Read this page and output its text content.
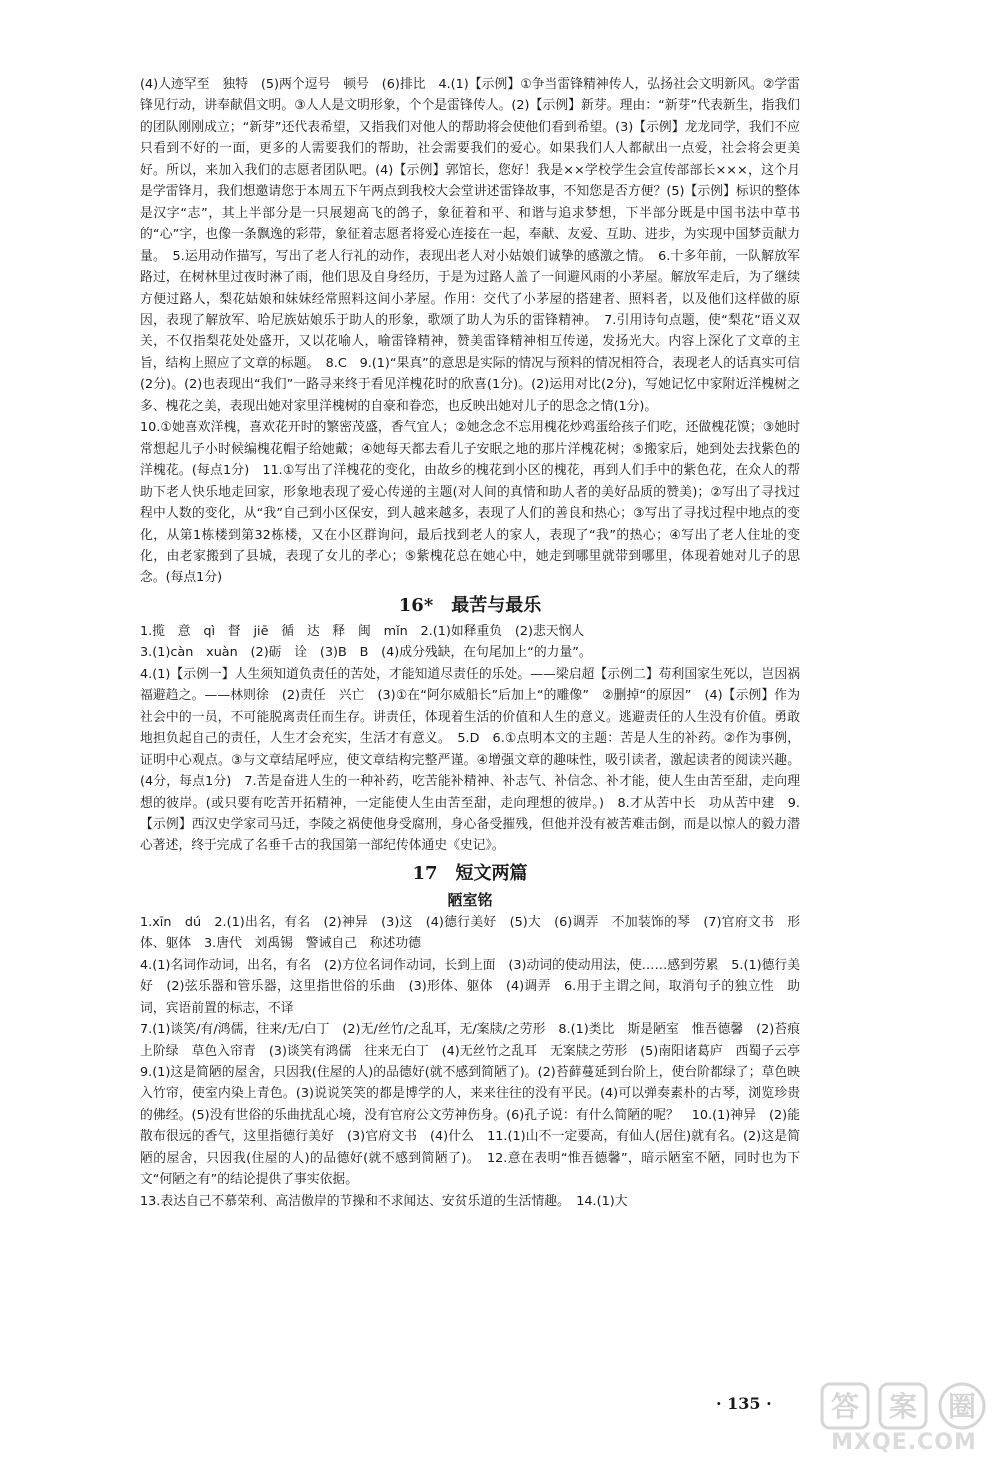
(4)人迹罕至　独特　(5)两个逗号　顿号　(6)排比　4.(1)【示例】①争当雷锋精神传人，弘扬社会文明新风。②学雷锋见行动，讲奉献倡文明。③人人是文明形象，个个是雷锋传人。(2)【示例】新芽。理由：“新芽”代表新生，指我们的团队刚刚成立；“新芽”还代表希望，又指我们对他人的帮助将会使他们看到希望。(3)【示例】龙龙同学，我们不应只看到不好的一面，更多的人需要我们的帮助，社会需要我们的爱心。如果我们人人都献出一点爱，社会将会更美好。所以，来加入我们的志愿者团队吧。(4)【示例】郭馆长，您好！我是××学校学生会宣传部部长×××，这个月是学雷锋月，我们想邀请您于本周五下午两点到我校大会堂讲述雷锋故事，不知您是否方便？(5)【示例】标识的整体是汉字“志”，其上半部分是一只展翅高飞的鸽子，象征着和平、和谐与追求梦想，下半部分既是中国书法中草书的“心”字，也像一条飘逸的彩带，象征着志愿者将爱心连接在一起，奉献、友爱、互助、进步，为实现中国梦贡献力量。　5.运用动作描写，写出了老人行礼的动作，表现出老人对小姑娘们诚挚的感激之情。　6.十多年前，一队解放军路过，在树林里过夜时淋了雨，他们思及自身经历，于是为过路人盖了一间避风雨的小茅屋。解放军走后，为了继续方便过路人，梨花姑娘和妹妹经常照料这间小茅屋。作用：交代了小茅屋的搭建者、照料者，以及他们这样做的原因，表现了解放军、哈尼族姑娘乐于助人的形象，歌颂了助人为乐的雷锋精神。　7.引用诗句点题，使“梨花”语义双关，不仅指梨花处处盛开，又以花喻人，喻雷锋精神，赞美雷锋精神相互传递，发扬光大。内容上深化了文章的主旨，结构上照应了文章的标题。　8.C　9.(1)“果真”的意思是实际的情况与预料的情况相符合，表现老人的话真实可信(2分)。(2)也表现出“我们”一路寻来终于看见洋槐花时的欣喜(1分)。(2)运用对比(2分)，写她记忆中家附近洋槐树之多、槐花之美，表现出她对家里洋槐树的自豪和眷恋，也反映出她对儿子的思念之情(1分)。

10.①她喜欢洋槐，喜欢花开时的繁密茂盛，香气宜人；②她念念不忘用槐花炒鸡蛋给孩子们吃，还做槐花馍；③她时常想起儿子小时候编槐花帽子给她戴；④她每天都去看儿子安眠之地的那片洋槐花树；⑤搬家后，她到处去找紫色的洋槐花。(每点1分)　11.①写出了洋槐花的变化，由故乡的槐花到小区的槐花，再到人们手中的紫色花，在众人的帮助下老人快乐地走回家，形象地表现了爱心传递的主题(对人间的真情和助人者的美好品质的赞美)；②写出了寻找过程中人数的变化，从“我”自己到小区保安，到人越来越多，表现了人们的善良和热心；③写出了寻找过程中地点的变化，从第1栋楼到第32栋楼，又在小区群询问，最后找到老人的家人，表现了“我”的热心；④写出了老人住址的变化，由老家搬到了县城，表现了女儿的孝心；⑤紫槐花总在她心中，她走到哪里就带到哪里，体现着她对儿子的思念。(每点1分)

16*　最苦与最乐

1.揽　意　qì　督　jiē　循　达　释　闽　mǐn　2.(1)如释重负　(2)悲天悯人

3.(1)càn　xuàn　(2)砺　诠　(3)B　B　(4)成分残缺，在句尾加上“的力量”。

4.(1)【示例一】人生须知道负责任的苦处，才能知道尽责任的乐处。——梁启超【示例二】苟利国家生死以，岂因祸福避趋之。——林则徐　(2)责任　兴亡　(3)①在“阿尔威船长”后加上“的雕像”　②删掉“的原因”　(4)【示例】作为社会中的一员，不可能脱离责任而生存。讲责任，体现着生活的价值和人生的意义。逃避责任的人生没有价值。勇敢地担负起自己的责任，人生才会充实，生活才有意义。　5.D　6.①点明本文的主题：苦是人生的补药。②作为事例，证明中心观点。③与文章结尾呼应，使文章结构完整严谨。④增强文章的趣味性，吸引读者，激起读者的阅读兴趣。(4分，每点1分)　7.苦是奋进人生的一种补药，吃苦能补精神、补志气、补信念、补才能，使人生由苦至甜，走向理想的彼岸。(或只要有吃苦开拓精神，一定能使人生由苦至甜，走向理想的彼岸。)　8.才从苦中长　功从苦中建　9.【示例】西汉史学家司马迁，李陵之祸使他身受腐刑，身心备受摧残，但他并没有被苦难击倒，而是以惊人的毅力潜心著述，终于完成了名垂千古的我国第一部纪传体通史《史记》。

17　短文两篇
陋室铭

1.xīn　dú　2.(1)出名，有名　(2)神异　(3)这　(4)德行美好　(5)大　(6)调弄　不加装饰的琴　(7)官府文书　形体、躯体　3.唐代　刘禹锡　警诫自己　称述功德

4.(1)名词作动词，出名，有名　(2)方位名词作动词，长到上面　(3)动词的使动用法，使……感到劳累　5.(1)德行美好　(2)弦乐器和管乐器，这里指世俗的乐曲　(3)形体、躯体　(4)调弄　6.用于主谓之间，取消句子的独立性　助词，宾语前置的标志，不译

7.(1)谈笑/有/鸿儒，往来/无/白丁　(2)无/丝竹/之乱耳，无/案牍/之劳形　8.(1)类比　斯是陋室　惟吾德馨　(2)苔痕上阶绿　草色入帘青　(3)谈笑有鸿儒　往来无白丁　(4)无丝竹之乱耳　无案牍之劳形　(5)南阳诸葛庐　西蜀子云亭　9.(1)这是简陋的屋舍，只因我(住屋的人)的品德好(就不感到简陋了)。(2)苔藓蔓延到台阶上，使台阶都绿了；草色映入竹帘，使室内染上青色。(3)说说笑笑的都是博学的人，来来往往的没有平民。(4)可以弹奏素朴的古琴，浏览珍贵的佛经。(5)没有世俗的乐曲扰乱心境，没有官府公文劳神伤身。(6)孔子说：有什么简陋的呢？　10.(1)神异　(2)能散布很远的香气，这里指德行美好　(3)官府文书　(4)什么　11.(1)山不一定要高，有仙人(居住)就有名。(2)这是简陋的屋舍，只因我(住屋的人)的品德好(就不感到简陋了)。　12.意在表明“惟吾德馨”，暗示陋室不陋，同时也为下文“何陋之有”的结论提供了事实依据。

13.表达自己不慕荣利、高洁傲岸的节操和不求闻达、安贫乐道的生活情趣。　14.(1)大

· 135 · 答 案 圈
MXQE.COM
